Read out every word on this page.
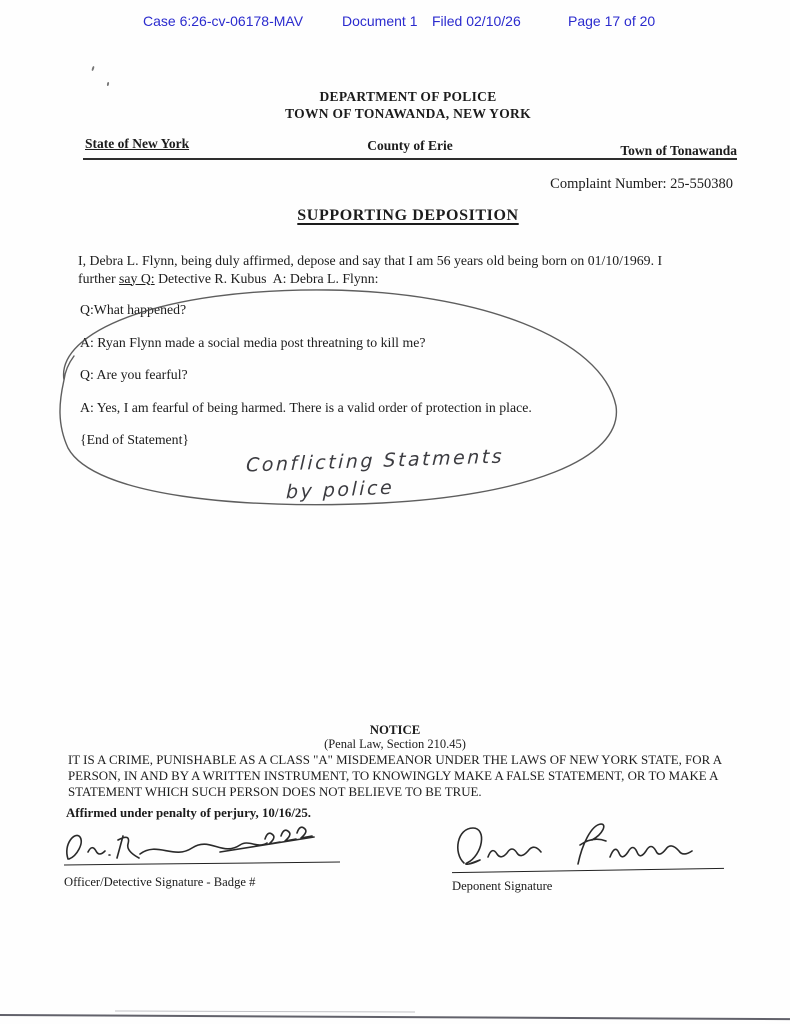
Case 6:26-cv-06178-MAV	Document 1 Filed 02/10/26	Page 17 of 20
DEPARTMENT OF POLICE
TOWN OF TONAWANDA, NEW YORK
State of New York	County of Erie	Town of Tonawanda
Complaint Number: 25-550380
SUPPORTING DEPOSITION
I, Debra L. Flynn, being duly affirmed, depose and say that I am 56 years old being born on 01/10/1969. I
further say Q: Detective R. Kubus  A: Debra L. Flynn:
Q:What happened?
A: Ryan Flynn made a social media post threatning to kill me?
Q: Are you fearful?
A: Yes, I am fearful of being harmed. There is a valid order of protection in place.
{End of Statement}
Conflicting Statments
by police
NOTICE
(Penal Law, Section 210.45)
IT IS A CRIME, PUNISHABLE AS A CLASS "A" MISDEMEANOR UNDER THE LAWS OF NEW YORK STATE, FOR A
PERSON, IN AND BY A WRITTEN INSTRUMENT, TO KNOWINGLY MAKE A FALSE STATEMENT, OR TO MAKE A
STATEMENT WHICH SUCH PERSON DOES NOT BELIEVE TO BE TRUE.
Affirmed under penalty of perjury, 10/16/25.
Officer/Detective Signature - Badge #	Deponent Signature
